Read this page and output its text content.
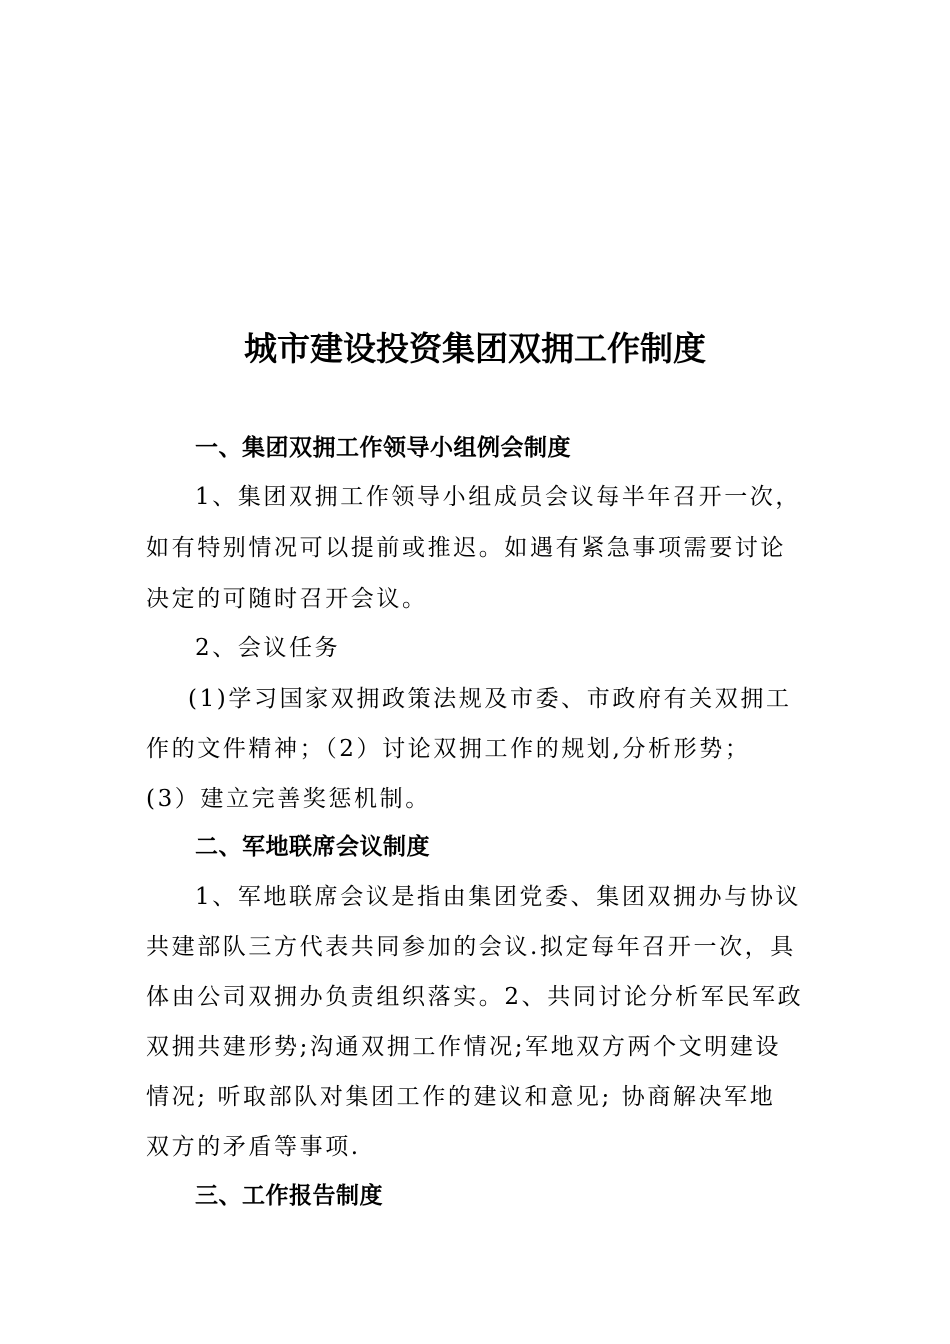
城市建设投资集团双拥工作制度
一、集团双拥工作领导小组例会制度
1、集团双拥工作领导小组成员会议每半年召开一次，
如有特别情况可以提前或推迟。如遇有紧急事项需要讨论
决定的可随时召开会议。
2、会议任务
(1)学习国家双拥政策法规及市委、市政府有关双拥工
作的文件精神；（2）讨论双拥工作的规划,分析形势；
(3）建立完善奖惩机制。
二、军地联席会议制度
1、军地联席会议是指由集团党委、集团双拥办与协议
共建部队三方代表共同参加的会议.拟定每年召开一次，具
体由公司双拥办负责组织落实。2、共同讨论分析军民军政
双拥共建形势;沟通双拥工作情况;军地双方两个文明建设
情况; 听取部队对集团工作的建议和意见; 协商解决军地
双方的矛盾等事项.
三、工作报告制度
